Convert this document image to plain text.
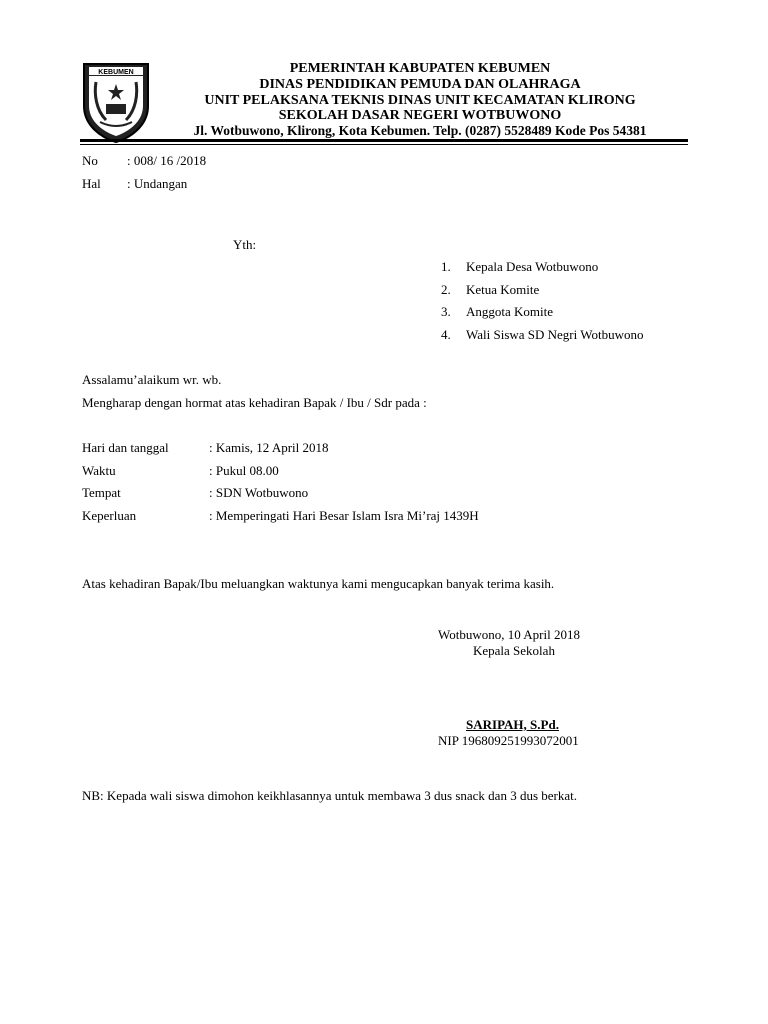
KEBUMEN	PEMERINTAH KABUPATEN KEBUMEN
DINAS PENDIDIKAN PEMUDA DAN OLAHRAGA
UNIT PELAKSANA TEKNIS DINAS UNIT KECAMATAN KLIRONG
SEKOLAH DASAR NEGERI WOTBUWONO
Jl. Wotbuwono, Klirong, Kota Kebumen. Telp. (0287) 5528489 Kode Pos 54381
No : 008/ 16 /2018
Hal : Undangan
Yth:
1. Kepala Desa Wotbuwono
2. Ketua Komite
3. Anggota Komite
4. Wali Siswa SD Negri Wotbuwono
Assalamu’alaikum wr. wb.
Mengharap dengan hormat atas kehadiran Bapak / Ibu / Sdr pada :
Hari dan tanggal	: Kamis, 12 April 2018
Waktu	: Pukul 08.00
Tempat	: SDN Wotbuwono
Keperluan	: Memperingati Hari Besar Islam Isra Mi’raj 1439H
Atas kehadiran Bapak/Ibu meluangkan waktunya kami mengucapkan banyak terima kasih.
Wotbuwono, 10 April 2018
Kepala Sekolah
SARIPAH, S.Pd.
NIP 196809251993072001
NB: Kepada wali siswa dimohon keikhlasannya untuk membawa 3 dus snack dan 3 dus berkat.
